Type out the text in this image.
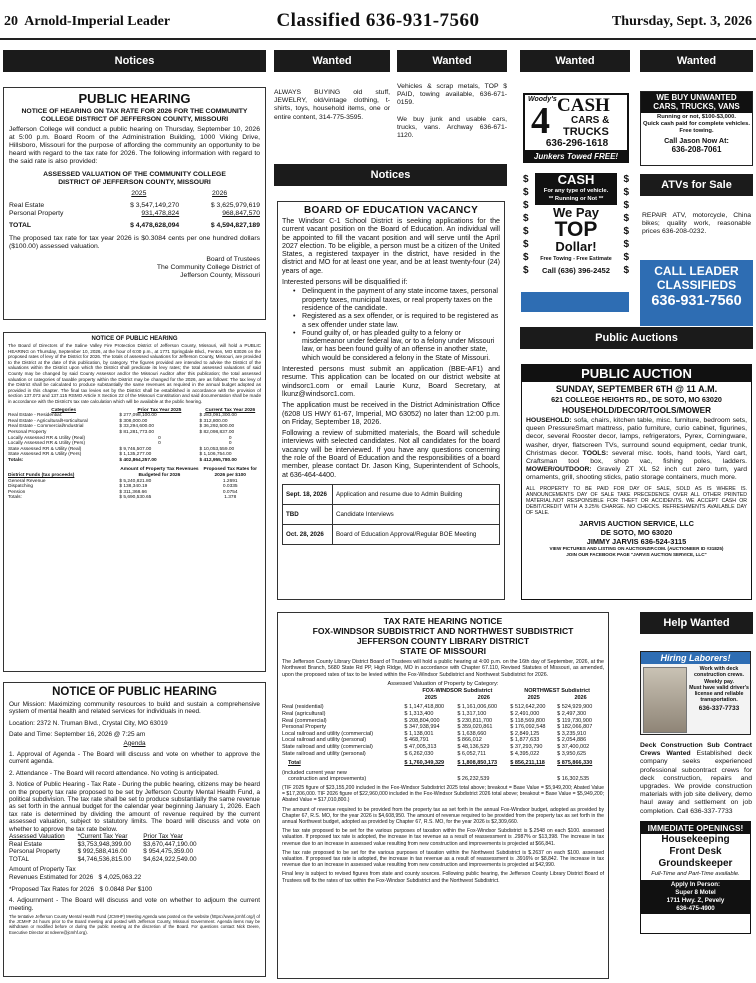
20 Arnold-Imperial Leader	Classified 636-931-7560	Thursday, Sept. 3, 2026
Notices
PUBLIC HEARING
NOTICE OF HEARING ON TAX RATE FOR 2026 FOR THE COMMUNITY COLLEGE DISTRICT OF JEFFERSON COUNTY, MISSOURI
Jefferson College will conduct a public hearing on Thursday, September 10, 2026 at 5:00 p.m. Board Room of the Administration Building, 1000 Viking Drive, Hillsboro, Missouri for the purpose of affording the community an opportunity to be heard with regard to the tax rate for 2026. The following information with regard to the said rate is also provided:
ASSESSED VALUATION OF THE COMMUNITY COLLEGE DISTRICT OF JEFFERSON COUNTY, MISSOURI
	2025	2026

Real Estate	$ 3,547,149,270	$ 3,625,979,619
Personal Property	931,478,824	968,847,570

TOTAL	$ 4,478,628,094	$ 4,594,827,189
The proposed tax rate for tax year 2026 is $0.3084 cents per one hundred dollars ($100.00) assessed valuation.
Board of Trustees
The Community College District of
Jefferson County, Missouri
NOTICE OF PUBLIC HEARING
The Board of Directors of the Saline Valley Fire Protection District of Jefferson County, Missouri, will hold a PUBLIC HEARING on Thursday, September 10, 2026, at the hour of 6:00 p.m., at 1771 Springdale Blvd., Fenton, MO 63026 on the proposed rates of levy of the District for 2026. The totals of assessed valuations for Jefferson County, Missouri, are provided to the District at the date of this publication, by category. The figures provided are intended to advise the District of the valuations within the District upon which the District shall predicate its levy rates; the total assessed valuations of said County may be changed by said County Assessor and/or the Missouri Auditor after this publication; the total assessed valuation or categories of taxable property within the District may be changed for the 2026, are as follows: The tax levy of the District shall be calculated to produce substantially the same revenues as required in the annual budget adopted as provided in this chapter. The final tax levies set by the District shall be established in accordance with the provision of section 137.073 and 137.115 RSMO Article X Section 22 of the Missouri Constitution and said documentation shall be made in accordance with the District's tax rate calculation which will be available at the public hearing.
Categories	Prior Tax Year 2025	Current Tax Year 2026
Real Estate - Residential:	$ 277,098,100.00	$ 283,091,300.00
Real Estate - Agricultural/Horticultural	$ 308,000.00	$ 312,800.00
Real Estate - Commercial/Industrial	$ 33,294,600.00	$ 36,292,500.00
Personal Property	$ 81,281,773.00	$ 82,098,837.00
Locally Assessed RR & Utility (Real)	0	0
Locally Assessed RR & Utility (Pers)	0	0
State Assessed RR & Utility (Real)	$ 9,746,507.00	$ 10,053,559.00
State Assessed RR & Utility (Pers)	$ 1,135,277.00	$ 1,106,754.00
Totals:	$ 402,864,257.00	$ 412,955,780.00

District Funds (tax proceeds)	Amount of Property Tax Revenues Budgeted for 2026	Proposed Tax Rates for 2026 per $100
General Revenue	$ 5,240,821.80	1.2691
Dispatching	$ 138,340.19	0.0335
Pension	$ 311,368.66	0.0754
Totals:	$ 5,690,530.65	1.378
NOTICE OF PUBLIC HEARING
Our Mission: Maximizing community resources to build and sustain a comprehensive system of mental health and related services for individuals in need.
Location: 2372 N. Truman Blvd., Crystal City, MO 63019
Date and Time: September 16, 2026 @ 7:25 am
Agenda
1. Approval of Agenda - The Board will discuss and vote on whether to approve the current agenda.
2. Attendance - The Board will record attendance. No voting is anticipated.
3. Notice of Public Hearing - Tax Rate - During the public hearing, citizens may be heard on the property tax rate proposed to be set by Jefferson County Mental Health Fund, a political subdivision. The tax rate shall be set to produce substantially the same revenue as set forth in the annual budget for the calendar year beginning January 1, 2026. Each tax rate is determined by dividing the amount of revenue required by the current assessed valuation, subject to statutory limits. The board will discuss and vote on whether to approve the tax rate below.
Assessed Valuation	*Current Tax Year	Prior Tax Year
Real Estate	$3,753,948,399.00	$3,670,447,190.00
Personal Property	$ 992,588,416.00	$ 954,475,359.00
TOTAL	$4,746,536,815.00	$4,624,922,549.00
Amount of Property Tax
Revenues Estimated for 2026 $ 4,025,063.22
*Proposed Tax Rates for 2026 $ 0.0848 Per $100
4. Adjournment - The Board will discuss and vote on whether to adjourn the current meeting.
The tentative Jefferson County Mental Health Fund (JCMHF) Meeting Agenda was posted on the website (https://www.jcmhf.org/) of the JCMHF 24 hours prior to the Board meeting and posted with Jefferson County, Missouri Government. Agenda items may be withdrawn or modified before or during the public meeting at the discretion of the Board. For questions contact Nick Deere, Executive Director at ndeere@jcmhf.org).
Wanted
ALWAYS BUYING old stuff, JEWELRY, old/vintage clothing, t-shirts, toys, household items, one or entire content, 314-775-3595.
Wanted
Vehicles & scrap metals, TOP $ PAID, towing available, 636-671-0159.
We buy junk and usable cars, trucks, vans. Archway 636-671-1120.
Notices
BOARD OF EDUCATION VACANCY
The Windsor C-1 School District is seeking applications for the current vacant position on the Board of Education. An individual will be appointed to fill the vacant position and will serve until the April 2027 election. To be eligible, a person must be a citizen of the United States, a registered taxpayer in the district, have resided in the district and MO for at least one year, and be at least twenty-four (24) years of age.
Interested persons will be disqualified if:
• Delinquent in the payment of any state income taxes, personal property taxes, municipal taxes, or real property taxes on the residence of the candidate.
• Registered as a sex offender, or is required to be registered as a sex offender under state law.
• Found guilty of, or has pleaded guilty to a felony or misdemeanor under federal law, or to a felony under Missouri law, or has been found guilty of an offense in another state, which would be considered a felony in the State of Missouri.
Interested persons must submit an application (BBE-AF1) and resume. This application can be located on our district website at windsorc1.com or email Laurie Kunz, Board Secretary, at lkunz@windsorc1.com.
The application must be received in the District Administration Office (6208 US HWY 61-67, Imperial, MO 63052) no later than 12:00 p.m. on Friday, September 18, 2026.
Following a review of submitted materials, the Board will schedule interviews with selected candidates. Not all candidates for the board vacancy will be interviewed. If you have any questions concerning the role of the Board of Education and the responsibilities of a board member, please contact Dr. Jason King, Superintendent of Schools, at 636-464-4400.
Sept. 18, 2026	Application and resume due to Admin Building
TBD	Candidate Interviews
Oct. 28, 2026	Board of Education Approval/Regular BOE Meeting
Wanted
Woody's
4 CASH
CARS &
TRUCKS
636-296-1618
Junkers Towed FREE!
$
$
$
$
$
$
$
$
$
$
$
$
$
$
$
$
CASH
For any type of vehicle.
** Running or Not **
We Pay
TOP
Dollar!
Free Towing - Free Estimate
Call (636) 396-2452
Wanted
WE BUY UNWANTED CARS, TRUCKS, VANS
Running or not, $100-$3,000.
Quick cash paid for complete vehicles. Free towing.
Call Jason Now At:
636-208-7061
ATVs for Sale
REPAIR ATV, motorcycle, China bikes; quality work, reasonable prices 636-208-0232.
CALL LEADER
CLASSIFIEDS
636-931-7560
Public Auctions
PUBLIC AUCTION
SUNDAY, SEPTEMBER 6TH @ 11 A.M.
621 COLLEGE HEIGHTS RD., DE SOTO, MO 63020
HOUSEHOLD/DECOR/TOOLS/MOWER
HOUSEHOLD: sofa, chairs, kitchen table, misc. furniture, bedroom sets, queen PressureSmart mattress, patio furniture, curio cabinet, figurines, decor, several Rooster decor, lamps, refrigerators, Pyrex, Corningware, washer, dryer, flatscreen TVs, surround sound equipment, cedar trunk, Christmas decor. TOOLS: several misc. tools, hand tools, Yard cart, Craftsman tool box, shop vac, fishing poles, ladders. MOWER/OUTDOOR: Gravely ZT XL 52 inch cut zero turn, yard ornaments, grill, shooting sticks, patio storage containers, much more.
ALL PROPERTY TO BE PAID FOR DAY OF SALE, SOLD AS IS WHERE IS. ANNOUNCEMENTS DAY OF SALE TAKE PRECEDENCE OVER ALL OTHER PRINTED MATERIAL.NOT RESPONSIBLE FOR THEFT OR ACCIDENTS. WE ACCEPT CASH OR DEBIT/CREDIT WITH A 3.25% CHARGE. NO CHECKS. REFRESHMENTS AVAILABLE DAY OF SALE.
JARVIS AUCTION SERVICE, LLC
DE SOTO, MO 63020
JIMMY JARVIS 636-524-3115
VIEW PICTURES AND LISTING ON AUCTIONZIP.COM. (AUCTIONEER ID #31825)
JOIN OUR FACEBOOK PAGE "JARVIS AUCTION SERVICE, LLC"
TAX RATE HEARING NOTICE
FOX-WINDSOR SUBDISTRICT AND NORTHWEST SUBDISTRICT
JEFFERSON COUNTY LIBRARY DISTRICT
STATE OF MISSOURI
The Jefferson County Library District Board of Trustees will hold a public hearing at 4:00 p.m. on the 16th day of September, 2026, at the Northwest Branch, 5680 State Rd PP, High Ridge, MO in accordance with Chapter 67.110, Revised Statutes of Missouri, as amended, upon the proposed rates of tax to be levied within the Fox-Windsor Subdistrict and Northwest Subdistrict for 2026.
Assessed Valuation of Property by Category:
	FOX-WINDSOR Subdistrict		NORTHWEST Subdistrict	
	2025	2026	2025	2026

Real (residential)	$ 1,147,418,800	$ 1,161,006,600	$ 512,642,200	$ 524,929,900
Real (agricultural)	$ 1,313,400	$ 1,317,100	$ 2,491,000	$ 2,497,300
Real (commercial)	$ 208,804,000	$ 230,811,700	$ 118,569,800	$ 119,730,900
Personal Property	$ 347,938,994	$ 359,020,861	$ 176,092,548	$ 182,066,807
Local railroad and utility (commercial)	$ 1,138,001	$ 1,638,660	$ 2,849,125	$ 3,235,910
Local railroad and utility (personal)	$ 468,791	$ 866,012	$ 1,877,633	$ 2,054,886
State railroad and utility (commercial)	$ 47,005,313	$ 48,136,529	$ 37,293,790	$ 37,400,002
State railroad and utility (personal)	$ 6,262,030	$ 6,052,711	$ 4,395,022	$ 3,950,625

Total	$ 1,760,349,329	$ 1,808,850,173	$ 856,211,118	$ 875,866,330

(included current year new
construction and improvements)		$ 26,232,539		$ 16,302,535
(TIF 2025 figure of $23,155,200 included in the Fox-Windsor Subdistrict 2025 total above; breakout = Base Value = $5,949,200; Abated Value = $17,206,000. TIF 2026 figure of $22,960,000 included in the Fox-Windsor Subdistrict 2026 total above; breakout = Base Value = $5,949,200; Abated Value = $17,010,800.)
The amount of revenue required to be provided from the property tax as set forth in the annual Fox-Windsor budget, adopted as provided by Chapter 67, R.S. MO, for the year 2026 is $4,608,950. The amount of revenue required to be provided from the property tax as set forth in the annual Northwest budget, adopted as provided by Chapter 67, R.S. MO, for the year 2026 is $2,309,660.
The tax rate proposed to be set for the various purposes of taxation within the Fox-Windsor Subdistrict is $.2548 on each $100. assessed valuation. If proposed tax rate is adopted, the increase in tax revenue as a result of reassessment is .2987% or $13,398. The increase in tax revenue due to an increase in assessed value resulting from new construction and improvements is projected at $66,841.
The tax rate proposed to be set for the various purposes of taxation within the Northwest Subdistrict is $.2637 on each $100. assessed valuation. If proposed tax rate is adopted, the increase in tax revenue as a result of reassessment is .3916% or $8,842. The increase in tax revenue due to an increase in assessed value resulting from new construction and improvements is projected at $42,990.
Final levy is subject to revised figures from state and county sources. Following public hearing, the Jefferson County Library District Board of Trustees will fix the rates of tax within the Fox-Windsor Subdistrict and the Northwest Subdistrict.
Help Wanted
Hiring Laborers!
Work with deck construction crews.
Weekly pay.
Must have valid driver's license and reliable transportation.
636-337-7733
Deck Construction Sub Contract Crews Wanted Established deck company seeks experienced professional subcontract crews for deck construction, repairs and upgrades. We provide construction materials with job site delivery, demo haul away and settlement on job completion. Call 636-337-7733
IMMEDIATE OPENINGS!
Housekeeping
Front Desk
Groundskeeper
Full-Time and Part-Time available.
Apply In Person:
Super 8 Motel
1711 Hwy. Z, Pevely
636-475-4900
